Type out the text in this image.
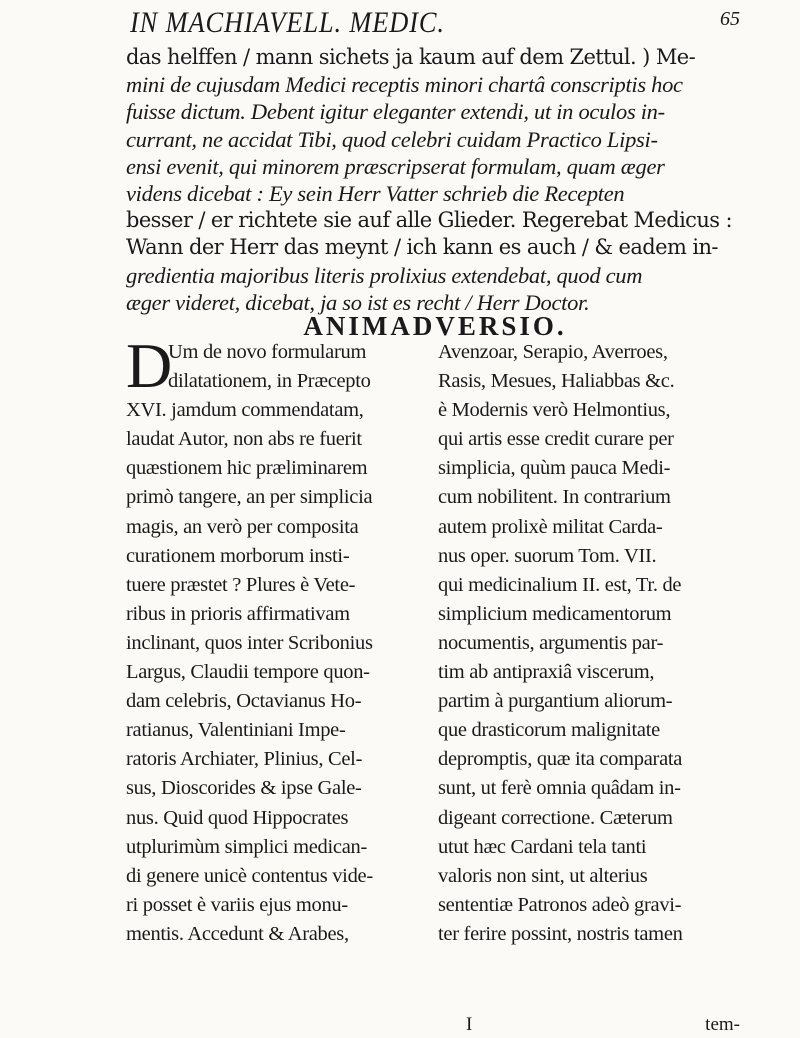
IN MACHIAVELL. MEDIC.	65
das helffen / mann sichets ja kaum auf dem Zettul. ) Me-
mini de cujusdam Medici receptis minori chartâ conscriptis hoc
fuisse dictum. Debent igitur eleganter extendi, ut in oculos in-
currant, ne accidat Tibi, quod celebri cuidam Practico Lipsi-
ensi evenit, qui minorem præscripserat formulam, quam æger
videns dicebat : Ey sein Herr Vatter schrieb die Recepten
besser / er richtete sie auf alle Glieder. Regerebat Medicus :
Wann der Herr das meynt / ich kann es auch / & eadem in-
gredientia majoribus literis prolixius extendebat, quod cum
æger videret, dicebat, ja so ist es recht / Herr Doctor.
ANIMADVERSIO.
D
Um de novo formularum
dilatationem, in Præcepto
XVI. jamdum commendatam,
laudat Autor, non abs re fuerit
quæstionem hic præliminarem
primò tangere, an per simplicia
magis, an verò per composita
curationem morborum insti-
tuere præstet ? Plures è Vete-
ribus in prioris affirmativam
inclinant, quos inter Scribonius
Largus, Claudii tempore quon-
dam celebris, Octavianus Ho-
ratianus, Valentiniani Impe-
ratoris Archiater, Plinius, Cel-
sus, Dioscorides & ipse Gale-
nus. Quid quod Hippocrates
utplurimùm simplici medican-
di genere unicè contentus vide-
ri posset è variis ejus monu-
mentis. Accedunt & Arabes,
Avenzoar, Serapio, Averroes,
Rasis, Mesues, Haliabbas &c.
è Modernis verò Helmontius,
qui artis esse credit curare per
simplicia, quùm pauca Medi-
cum nobilitent. In contrarium
autem prolixè militat Carda-
nus oper. suorum Tom. VII.
qui medicinalium II. est, Tr. de
simplicium medicamentorum
nocumentis, argumentis par-
tim ab antipraxiâ viscerum,
partim à purgantium aliorum-
que drasticorum malignitate
depromptis, quæ ita comparata
sunt, ut ferè omnia quâdam in-
digeant correctione. Cæterum
utut hæc Cardani tela tanti
valoris non sint, ut alterius
sententiæ Patronos adeò gravi-
ter ferire possint, nostris tamen
I	tem-
